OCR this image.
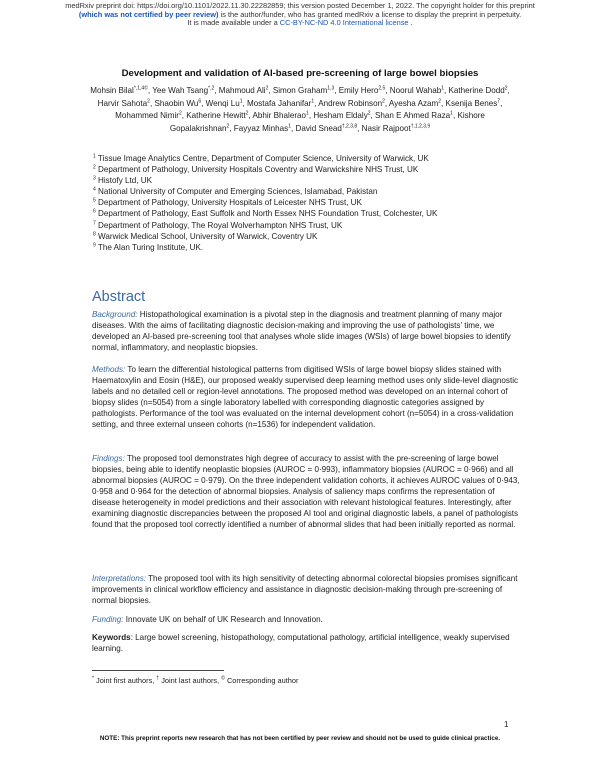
medRxiv preprint doi: https://doi.org/10.1101/2022.11.30.22282859; this version posted December 1, 2022. The copyright holder for this preprint
(which was not certified by peer review) is the author/funder, who has granted medRxiv a license to display the preprint in perpetuity.
It is made available under a CC-BY-NC-ND 4.0 International license .
Development and validation of AI-based pre-screening of large bowel biopsies
Mohsin Bilal$^{*,1,4©}$, Yee Wah Tsang$^{*,2}$, Mahmoud Ali$^2$, Simon Graham$^{1,3}$, Emily Hero$^{2,5}$, Noorul Wahab$^1$, Katherine Dodd$^2$, Harvir Sahota$^2$, Shaobin Wu$^6$, Wenqi Lu$^1$, Mostafa Jahanifar$^1$, Andrew Robinson$^2$, Ayesha Azam$^2$, Ksenija Benes$^7$, Mohammed Nimir$^2$, Katherine Hewitt$^2$, Abhir Bhalerao$^1$, Hesham Eldaly$^2$, Shan E Ahmed Raza$^1$, Kishore Gopalakrishnan$^2$, Fayyaz Minhas$^1$, David Snead$^{\dagger,2,3,8}$, Nasir Rajpoot$^{\dagger,1,2,3,9}$
$^1$ Tissue Image Analytics Centre, Department of Computer Science, University of Warwick, UK
$^2$ Department of Pathology, University Hospitals Coventry and Warwickshire NHS Trust, UK
$^3$ Histofy Ltd, UK
$^4$ National University of Computer and Emerging Sciences, Islamabad, Pakistan
$^5$ Department of Pathology, University Hospitals of Leicester NHS Trust, UK
$^6$ Department of Pathology, East Suffolk and North Essex NHS Foundation Trust, Colchester, UK
$^7$ Department of Pathology, The Royal Wolverhampton NHS Trust, UK
$^8$ Warwick Medical School, University of Warwick, Coventry UK
$^9$ The Alan Turing Institute, UK.
Abstract
Background: Histopathological examination is a pivotal step in the diagnosis and treatment planning of many major diseases. With the aims of facilitating diagnostic decision-making and improving the use of pathologists’ time, we developed an AI-based pre-screening tool that analyses whole slide images (WSIs) of large bowel biopsies to identify normal, inflammatory, and neoplastic biopsies.
Methods: To learn the differential histological patterns from digitised WSIs of large bowel biopsy slides stained with Haematoxylin and Eosin (H&E), our proposed weakly supervised deep learning method uses only slide-level diagnostic labels and no detailed cell or region-level annotations. The proposed method was developed on an internal cohort of biopsy slides (n=5054) from a single laboratory labelled with corresponding diagnostic categories assigned by pathologists. Performance of the tool was evaluated on the internal development cohort (n=5054) in a cross-validation setting, and three external unseen cohorts (n=1536) for independent validation.
Findings: The proposed tool demonstrates high degree of accuracy to assist with the pre-screening of large bowel biopsies, being able to identify neoplastic biopsies (AUROC = 0·993), inflammatory biopsies (AUROC = 0·966) and all abnormal biopsies (AUROC = 0·979). On the three independent validation cohorts, it achieves AUROC values of 0·943, 0·958 and 0·964 for the detection of abnormal biopsies. Analysis of saliency maps confirms the representation of disease heterogeneity in model predictions and their association with relevant histological features. Interestingly, after examining diagnostic discrepancies between the proposed AI tool and original diagnostic labels, a panel of pathologists found that the proposed tool correctly identified a number of abnormal slides that had been initially reported as normal.
Interpretations: The proposed tool with its high sensitivity of detecting abnormal colorectal biopsies promises significant improvements in clinical workflow efficiency and assistance in diagnostic decision-making through pre-screening of normal biopsies.
Funding: Innovate UK on behalf of UK Research and Innovation.
Keywords: Large bowel screening, histopathology, computational pathology, artificial intelligence, weakly supervised learning.
* Joint first authors, † Joint last authors, © Corresponding author
1
NOTE: This preprint reports new research that has not been certified by peer review and should not be used to guide clinical practice.
